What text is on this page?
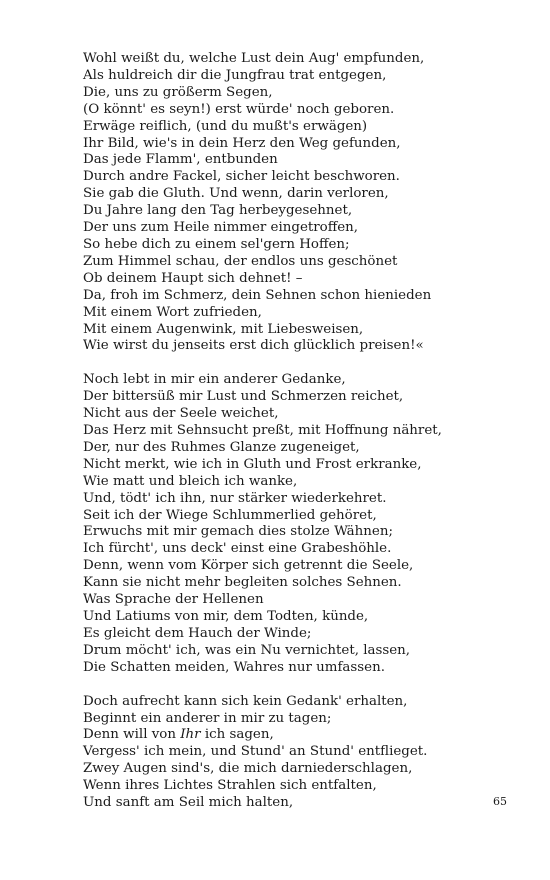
Wohl weißt du, welche Lust dein Aug' empfunden,
Als huldreich dir die Jungfrau trat entgegen,
Die, uns zu größerm Segen,
(O könnt' es seyn!) erst würde' noch geboren.
Erwäge reiflich, (und du mußt's erwägen)
Ihr Bild, wie's in dein Herz den Weg gefunden,
Das jede Flamm', entbunden
Durch andre Fackel, sicher leicht beschworen.
Sie gab die Gluth. Und wenn, darin verloren,
Du Jahre lang den Tag herbeygesehnet,
Der uns zum Heile nimmer eingetroffen,
So hebe dich zu einem sel'gern Hoffen;
Zum Himmel schau, der endlos uns geschönet
Ob deinem Haupt sich dehnet! –
Da, froh im Schmerz, dein Sehnen schon hienieden
Mit einem Wort zufrieden,
Mit einem Augenwink, mit Liebesweisen,
Wie wirst du jenseits erst dich glücklich preisen!«
Noch lebt in mir ein anderer Gedanke,
Der bittersüß mir Lust und Schmerzen reichet,
Nicht aus der Seele weichet,
Das Herz mit Sehnsucht preßt, mit Hoffnung nähret,
Der, nur des Ruhmes Glanze zugeneiget,
Nicht merkt, wie ich in Gluth und Frost erkranke,
Wie matt und bleich ich wanke,
Und, tödt' ich ihn, nur stärker wiederkehret.
Seit ich der Wiege Schlummerlied gehöret,
Erwuchs mit mir gemach dies stolze Wähnen;
Ich fürcht', uns deck' einst eine Grabeshöhle.
Denn, wenn vom Körper sich getrennt die Seele,
Kann sie nicht mehr begleiten solches Sehnen.
Was Sprache der Hellenen
Und Latiums von mir, dem Todten, künde,
Es gleicht dem Hauch der Winde;
Drum möcht' ich, was ein Nu vernichtet, lassen,
Die Schatten meiden, Wahres nur umfassen.
Doch aufrecht kann sich kein Gedank' erhalten,
Beginnt ein anderer in mir zu tagen;
Denn will von Ihr ich sagen,
Vergess' ich mein, und Stund' an Stund' entflieget.
Zwey Augen sind's, die mich darniederschlagen,
Wenn ihres Lichtes Strahlen sich entfalten,
Und sanft am Seil mich halten,	65
